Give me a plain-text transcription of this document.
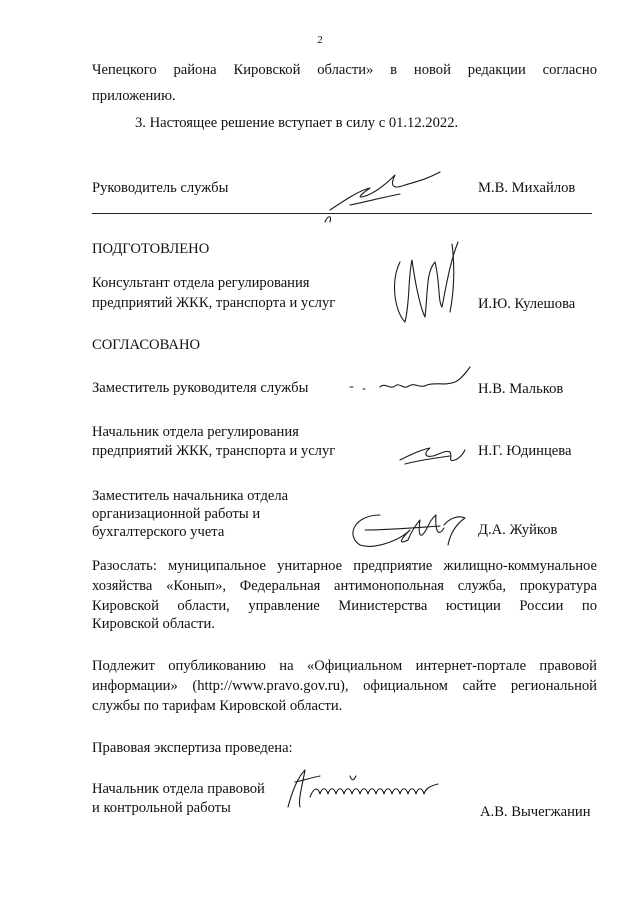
2
Чепецкого района Кировской области» в новой редакции согласно
приложению.
3. Настоящее решение вступает в силу с 01.12.2022.
Руководитель службы	М.В. Михайлов
ПОДГОТОВЛЕНО
Консультант отдела регулирования
предприятий ЖКК, транспорта и услуг	И.Ю. Кулешова
СОГЛАСОВАНО
Заместитель руководителя службы	Н.В. Мальков
Начальник отдела регулирования
предприятий ЖКК, транспорта и услуг	Н.Г. Юдинцева
Заместитель начальника отдела
организационной работы и
бухгалтерского учета	Д.А. Жуйков
Разослать: муниципальное унитарное предприятие жилищно-коммунальное
хозяйства «Конып», Федеральная антимонопольная служба, прокуратура
Кировской области, управление Министерства юстиции России по
Кировской области.
Подлежит опубликованию на «Официальном интернет-портале правовой
информации» (http://www.pravo.gov.ru), официальном сайте региональной
службы по тарифам Кировской области.
Правовая экспертиза проведена:
Начальник отдела правовой
и контрольной работы	А.В. Вычегжанин
